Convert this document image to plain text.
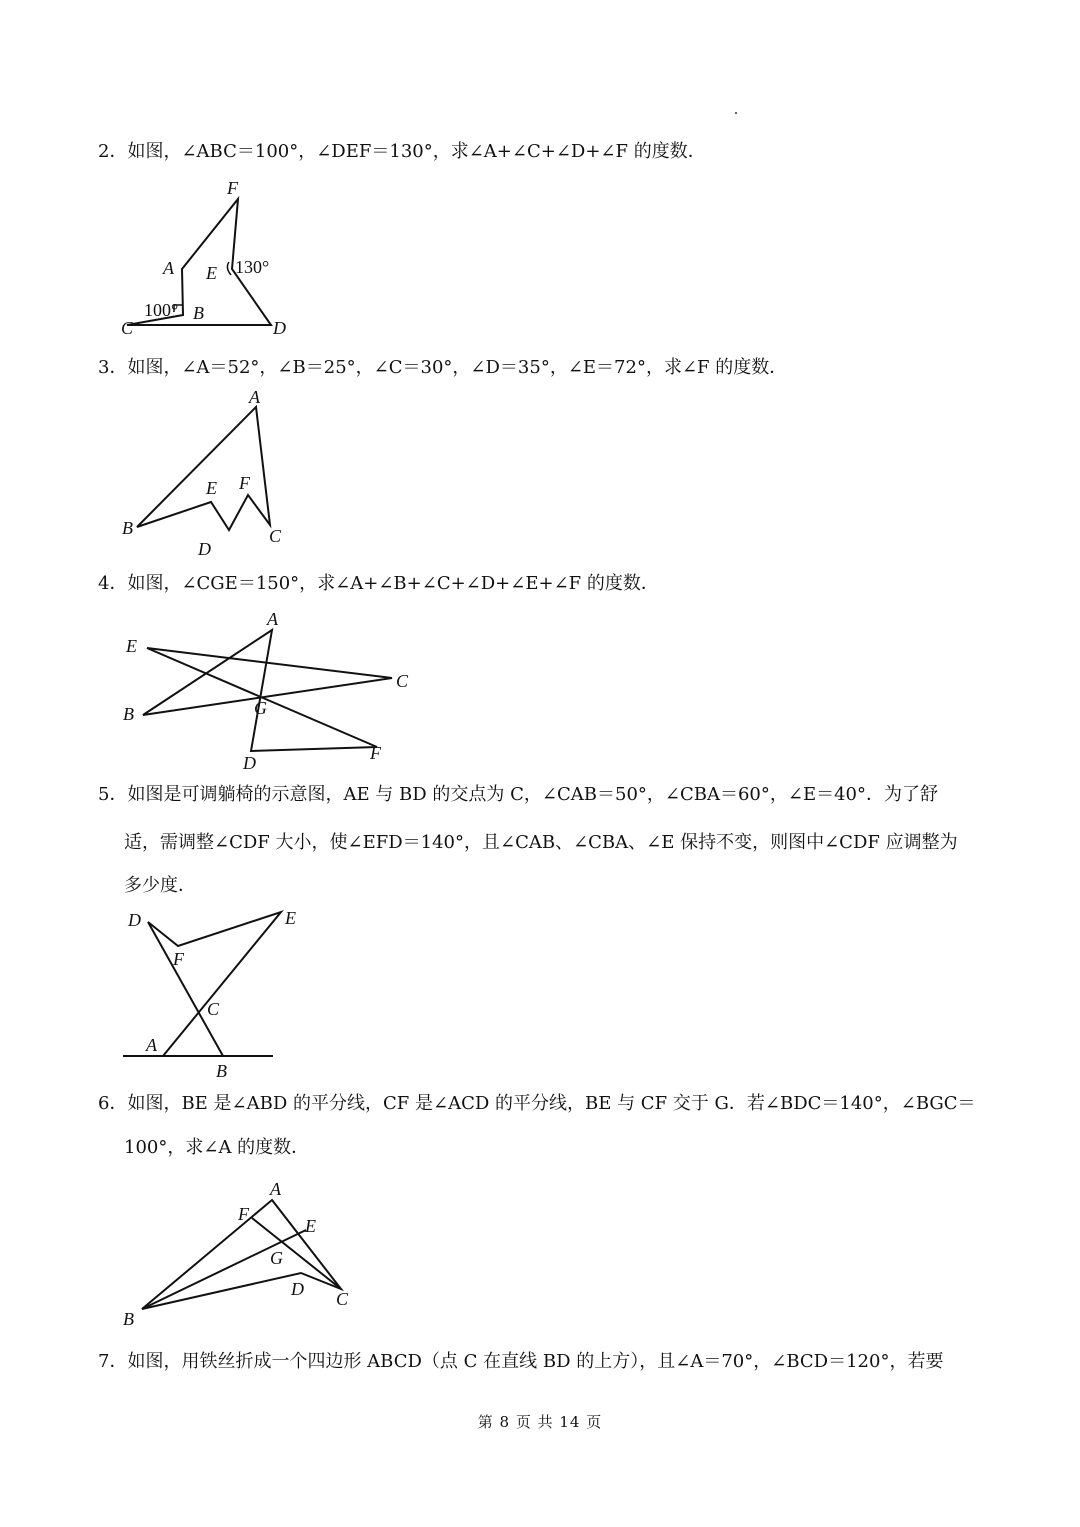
2．如图，∠ABC＝100°，∠DEF＝130°，求∠A+∠C+∠D+∠F 的度数．
F
A E 130°
100° B
C	D
3．如图，∠A＝52°，∠B＝25°，∠C＝30°，∠D＝35°，∠E＝72°，求∠F 的度数．
A
E F
B
D
C
4．如图，∠CGE＝150°，求∠A+∠B+∠C+∠D+∠E+∠F 的度数．
A
E
C
B	G
D	F
5．如图是可调躺椅的示意图，AE 与 BD 的交点为 C，∠CAB＝50°，∠CBA＝60°，∠E＝40°．为了舒
适，需调整∠CDF 大小，使∠EFD＝140°，且∠CAB、∠CBA、∠E 保持不变，则图中∠CDF 应调整为
多少度．
D	E
F
C
A
B
6．如图，BE 是∠ABD 的平分线，CF 是∠ACD 的平分线，BE 与 CF 交于 G．若∠BDC＝140°，∠BGC＝
100°，求∠A 的度数．
A
F
E
G
D C
B
7．如图，用铁丝折成一个四边形 ABCD（点 C 在直线 BD 的上方），且∠A＝70°，∠BCD＝120°，若要
第 8 页 共 14 页
